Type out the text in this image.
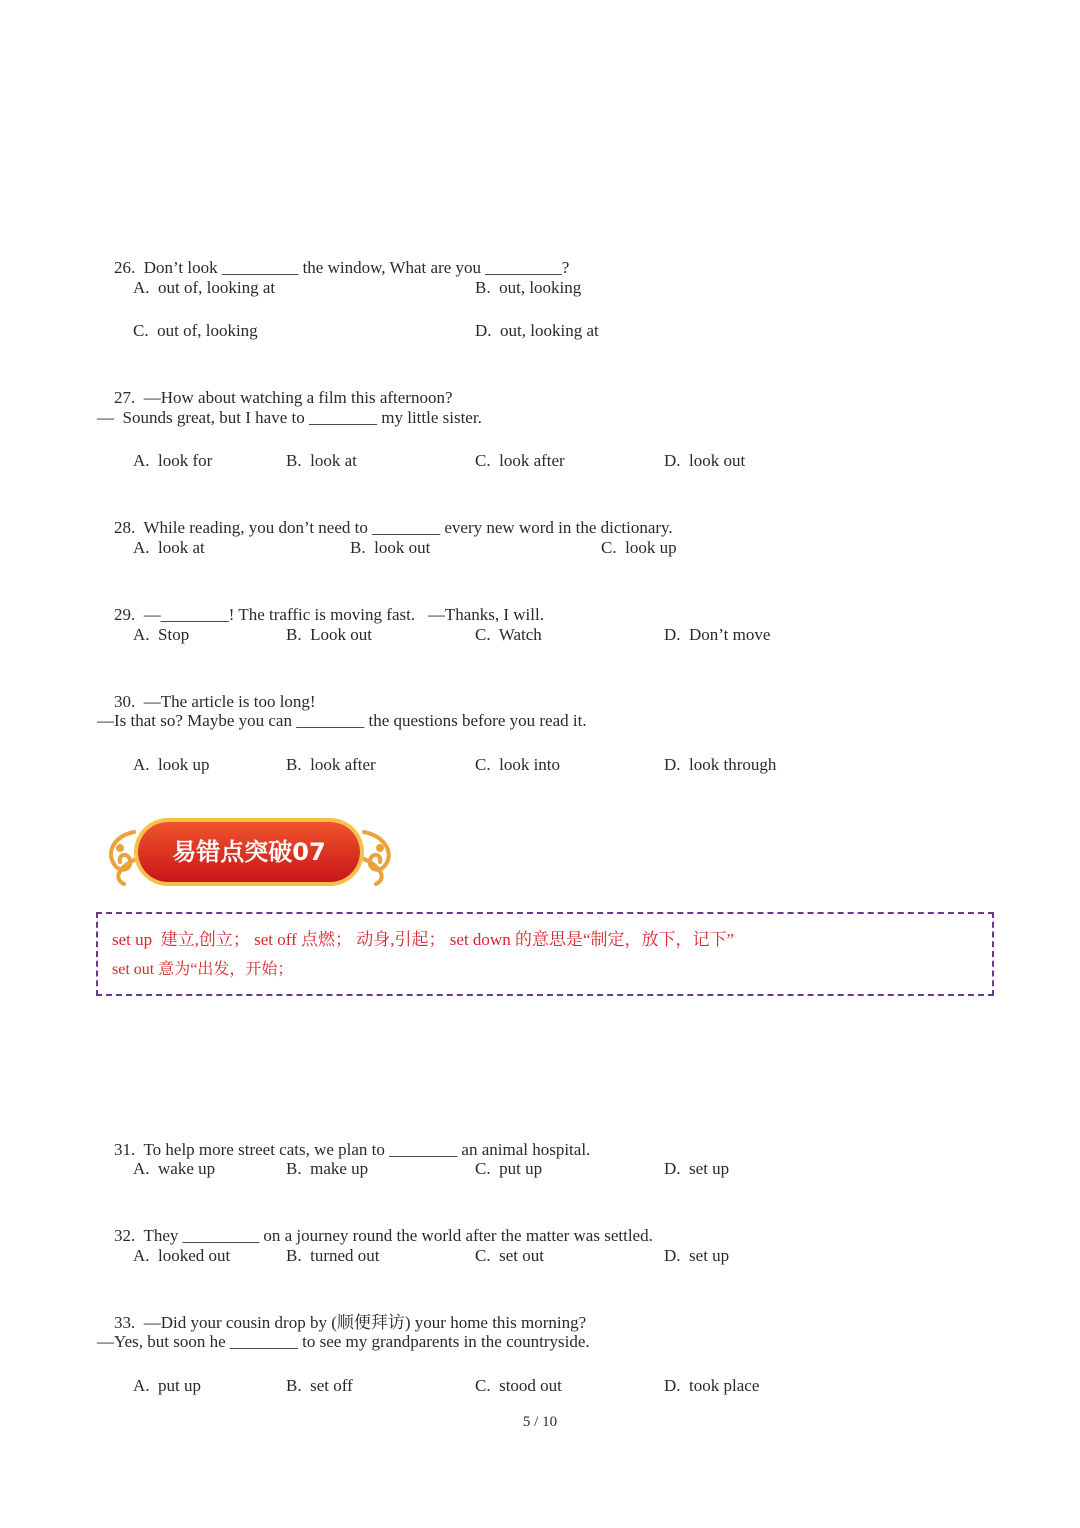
26. Don’t look _________ the window, What are you _________?

A. out of, looking at	B. out, looking
C. out of, looking	D. out, looking at

27. —How about watching a film this afternoon?

—  Sounds great, but I have to ________ my little sister.
A. look for	B. look at	C. look after	D. look out

28. While reading, you don’t need to ________ every new word in the dictionary.

A. look at	B. look out	C. look up

29. —________! The traffic is moving fast.   —Thanks, I will.

A. Stop	B. Look out	C. Watch	D. Don’t move

30. —The article is too long!

—Is that so? Maybe you can ________ the questions before you read it.
A. look up	B. look after	C. look into	D. look through
易错点突破07
set up  建立,创立； set off 点燃； 动身,引起； set down 的意思是“制定，放下，记下”
set out 意为“出发，开始；

31. To help more street cats, we plan to ________ an animal hospital.

A. wake up	B. make up	C. put up	D. set up

32. They _________ on a journey round the world after the matter was settled.

A. looked out	B. turned out	C. set out	D. set up

33. —Did your cousin drop by (顺便拜访) your home this morning?

—Yes, but soon he ________ to see my grandparents in the countryside.
A. put up	B. set off	C. stood out	D. took place
5 / 10
